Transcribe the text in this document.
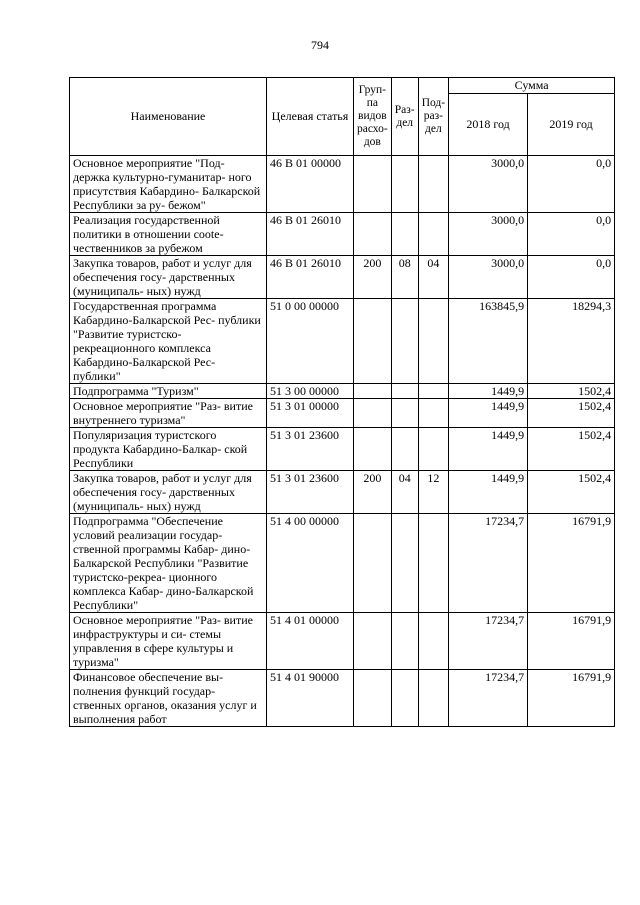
794
Наименование	Целевая статья	Груп- па видов расхо- дов	Раз- дел	Под- раз- дел	Сумма	
					2018 год	2019 год
Основное мероприятие "Под- держка культурно-гуманитар- ного присутствия Кабардино- Балкарской Республики за ру- бежом"	46 В 01 00000				3000,0	0,0
Реализация государственной политики в отношении соote- чественников за рубежом	46 В 01 26010				3000,0	0,0
Закупка товаров, работ и услуг для обеспечения госу- дарственных (муниципаль- ных) нужд	46 В 01 26010	200	08	04	3000,0	0,0
Государственная программа Кабардино-Балкарской Рес- публики "Развитие туристско- рекреационного комплекса Кабардино-Балкарской Рес- публики"	51 0 00 00000				163845,9	18294,3
Подпрограмма "Туризм"	51 3 00 00000				1449,9	1502,4
Основное мероприятие "Раз- витие внутреннего туризма"	51 3 01 00000				1449,9	1502,4
Популяризация туристского продукта Кабардино-Балкар- ской Республики	51 3 01 23600				1449,9	1502,4
Закупка товаров, работ и услуг для обеспечения госу- дарственных (муниципаль- ных) нужд	51 3 01 23600	200	04	12	1449,9	1502,4
Подпрограмма "Обеспечение условий реализации государ- ственной программы Кабар- дино-Балкарской Республики "Развитие туристско-рекреа- ционного комплекса Кабар- дино-Балкарской Республики"	51 4 00 00000				17234,7	16791,9
Основное мероприятие "Раз- витие инфраструктуры и си- стемы управления в сфере культуры и туризма"	51 4 01 00000				17234,7	16791,9
Финансовое обеспечение вы- полнения функций государ- ственных органов, оказания услуг и выполнения работ	51 4 01 90000				17234,7	16791,9
